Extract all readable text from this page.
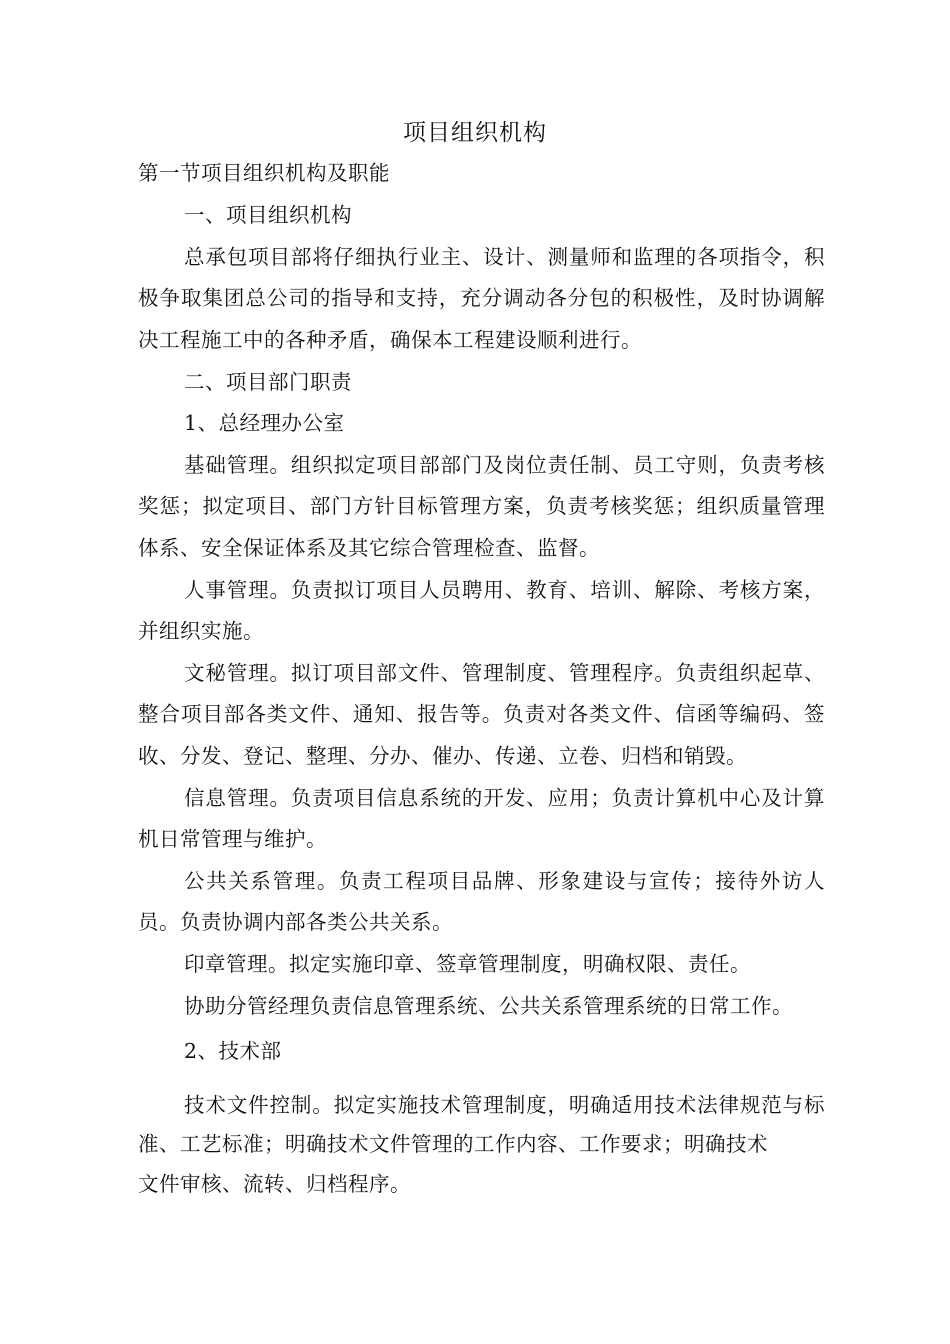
项目组织机构
第一节项目组织机构及职能
一、项目组织机构
总承包项目部将仔细执行业主、设计、测量师和监理的各项指令，积
极争取集团总公司的指导和支持，充分调动各分包的积极性，及时协调解
决工程施工中的各种矛盾，确保本工程建设顺利进行。
二、项目部门职责
1、总经理办公室
基础管理。组织拟定项目部部门及岗位责任制、员工守则，负责考核
奖惩；拟定项目、部门方针目标管理方案，负责考核奖惩；组织质量管理
体系、安全保证体系及其它综合管理检查、监督。
人事管理。负责拟订项目人员聘用、教育、培训、解除、考核方案，
并组织实施。
文秘管理。拟订项目部文件、管理制度、管理程序。负责组织起草、
整合项目部各类文件、通知、报告等。负责对各类文件、信函等编码、签
收、分发、登记、整理、分办、催办、传递、立卷、归档和销毁。
信息管理。负责项目信息系统的开发、应用；负责计算机中心及计算
机日常管理与维护。
公共关系管理。负责工程项目品牌、形象建设与宣传；接待外访人
员。负责协调内部各类公共关系。
印章管理。拟定实施印章、签章管理制度，明确权限、责任。
协助分管经理负责信息管理系统、公共关系管理系统的日常工作。
2、技术部
技术文件控制。拟定实施技术管理制度，明确适用技术法律规范与标
准、工艺标准；明确技术文件管理的工作内容、工作要求；明确技术
文件审核、流转、归档程序。
